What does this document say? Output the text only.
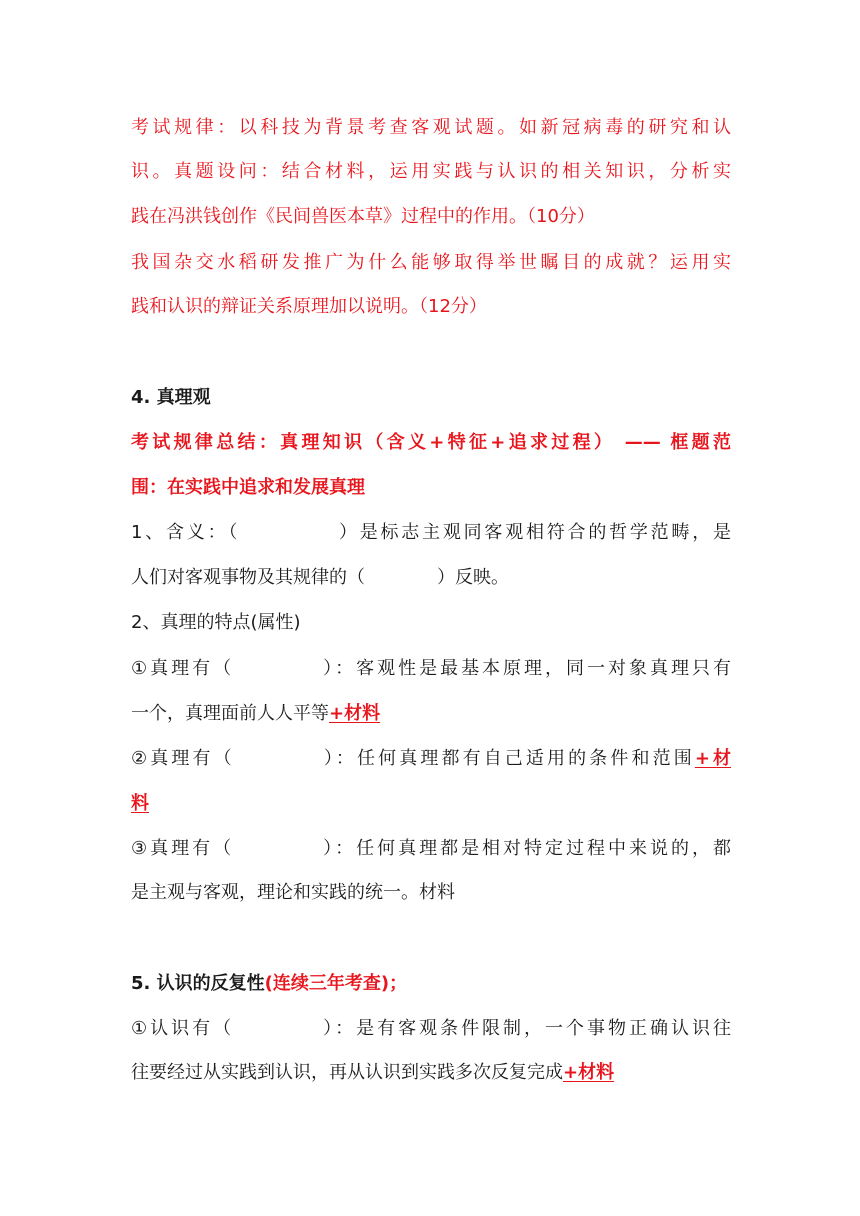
考试规律：以科技为背景考查客观试题。如新冠病毒的研究和认
识。真题设问：结合材料，运用实践与认识的相关知识，分析实
践在冯洪钱创作《民间兽医本草》过程中的作用。（10分）
我国杂交水稻研发推广为什么能够取得举世瞩目的成就？运用实
践和认识的辩证关系原理加以说明。（12分）
4. 真理观
考试规律总结：真理知识（含义+特征+追求过程） —— 框题范
围：在实践中追求和发展真理
1、含义：（	）是标志主观同客观相符合的哲学范畴，是
人们对客观事物及其规律的（	）反映。
2、真理的特点(属性)
①真理有（	）：客观性是最基本原理，同一对象真理只有
一个，真理面前人人平等+材料
②真理有（	）：任何真理都有自己适用的条件和范围+材
料
③真理有（	）：任何真理都是相对特定过程中来说的，都
是主观与客观，理论和实践的统一。材料
5. 认识的反复性(连续三年考查)；
①认识有（	）：是有客观条件限制，一个事物正确认识往
往要经过从实践到认识，再从认识到实践多次反复完成+材料
